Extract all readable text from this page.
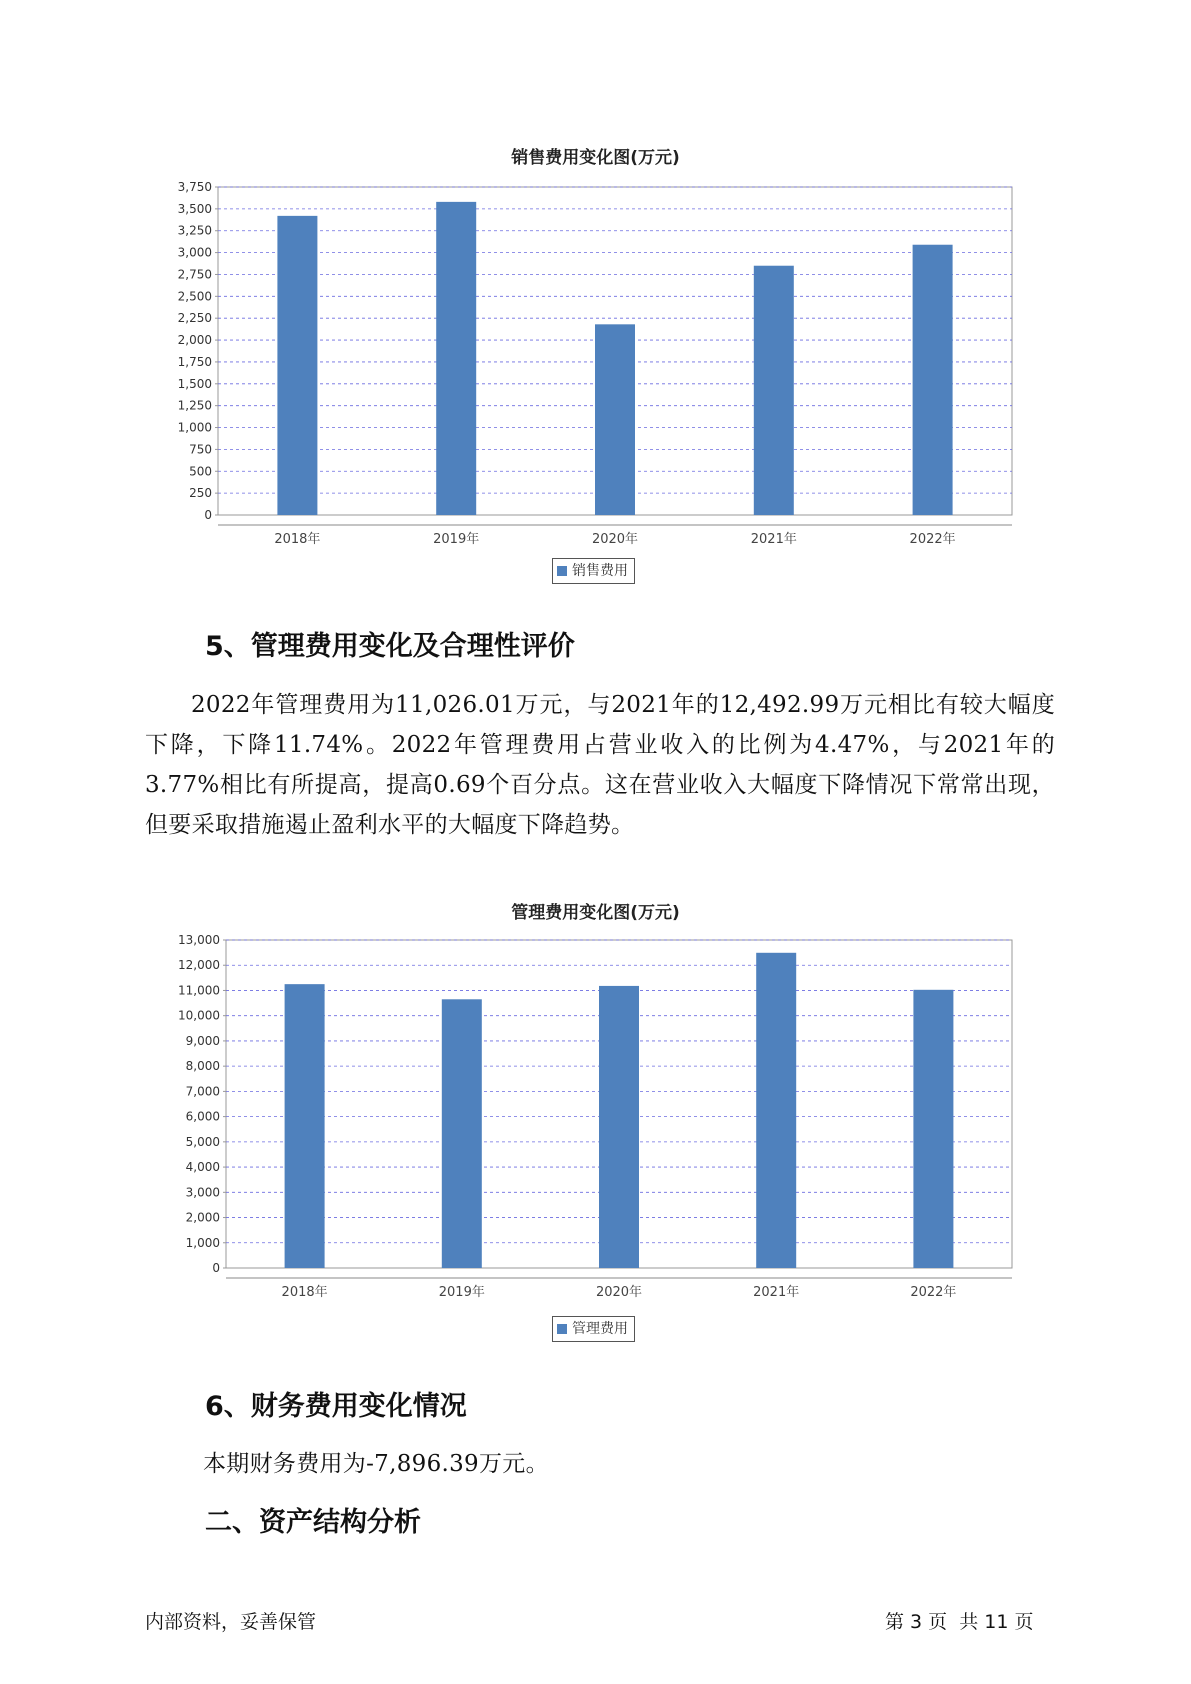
销售费用变化图(万元)
0
250
500
750
1,000
1,250
1,500
1,750
2,000
2,250
2,500
2,750
3,000
3,250
3,500
3,750
2018年	2019年	2020年	2021年	2022年
销售费用
5、管理费用变化及合理性评价
2022年管理费用为11,026.01万元，与2021年的12,492.99万元相比有较大幅度下降，下降11.74%。2022年管理费用占营业收入的比例为4.47%，与2021年的3.77%相比有所提高，提高0.69个百分点。这在营业收入大幅度下降情况下常常出现，但要采取措施遏止盈利水平的大幅度下降趋势。
管理费用变化图(万元)
0
1,000
2,000
3,000
4,000
5,000
6,000
7,000
8,000
9,000
10,000
11,000
12,000
13,000
2018年	2019年	2020年	2021年	2022年
管理费用
6、财务费用变化情况
本期财务费用为-7,896.39万元。
二、资产结构分析
内部资料，妥善保管	第 3 页  共 11 页
